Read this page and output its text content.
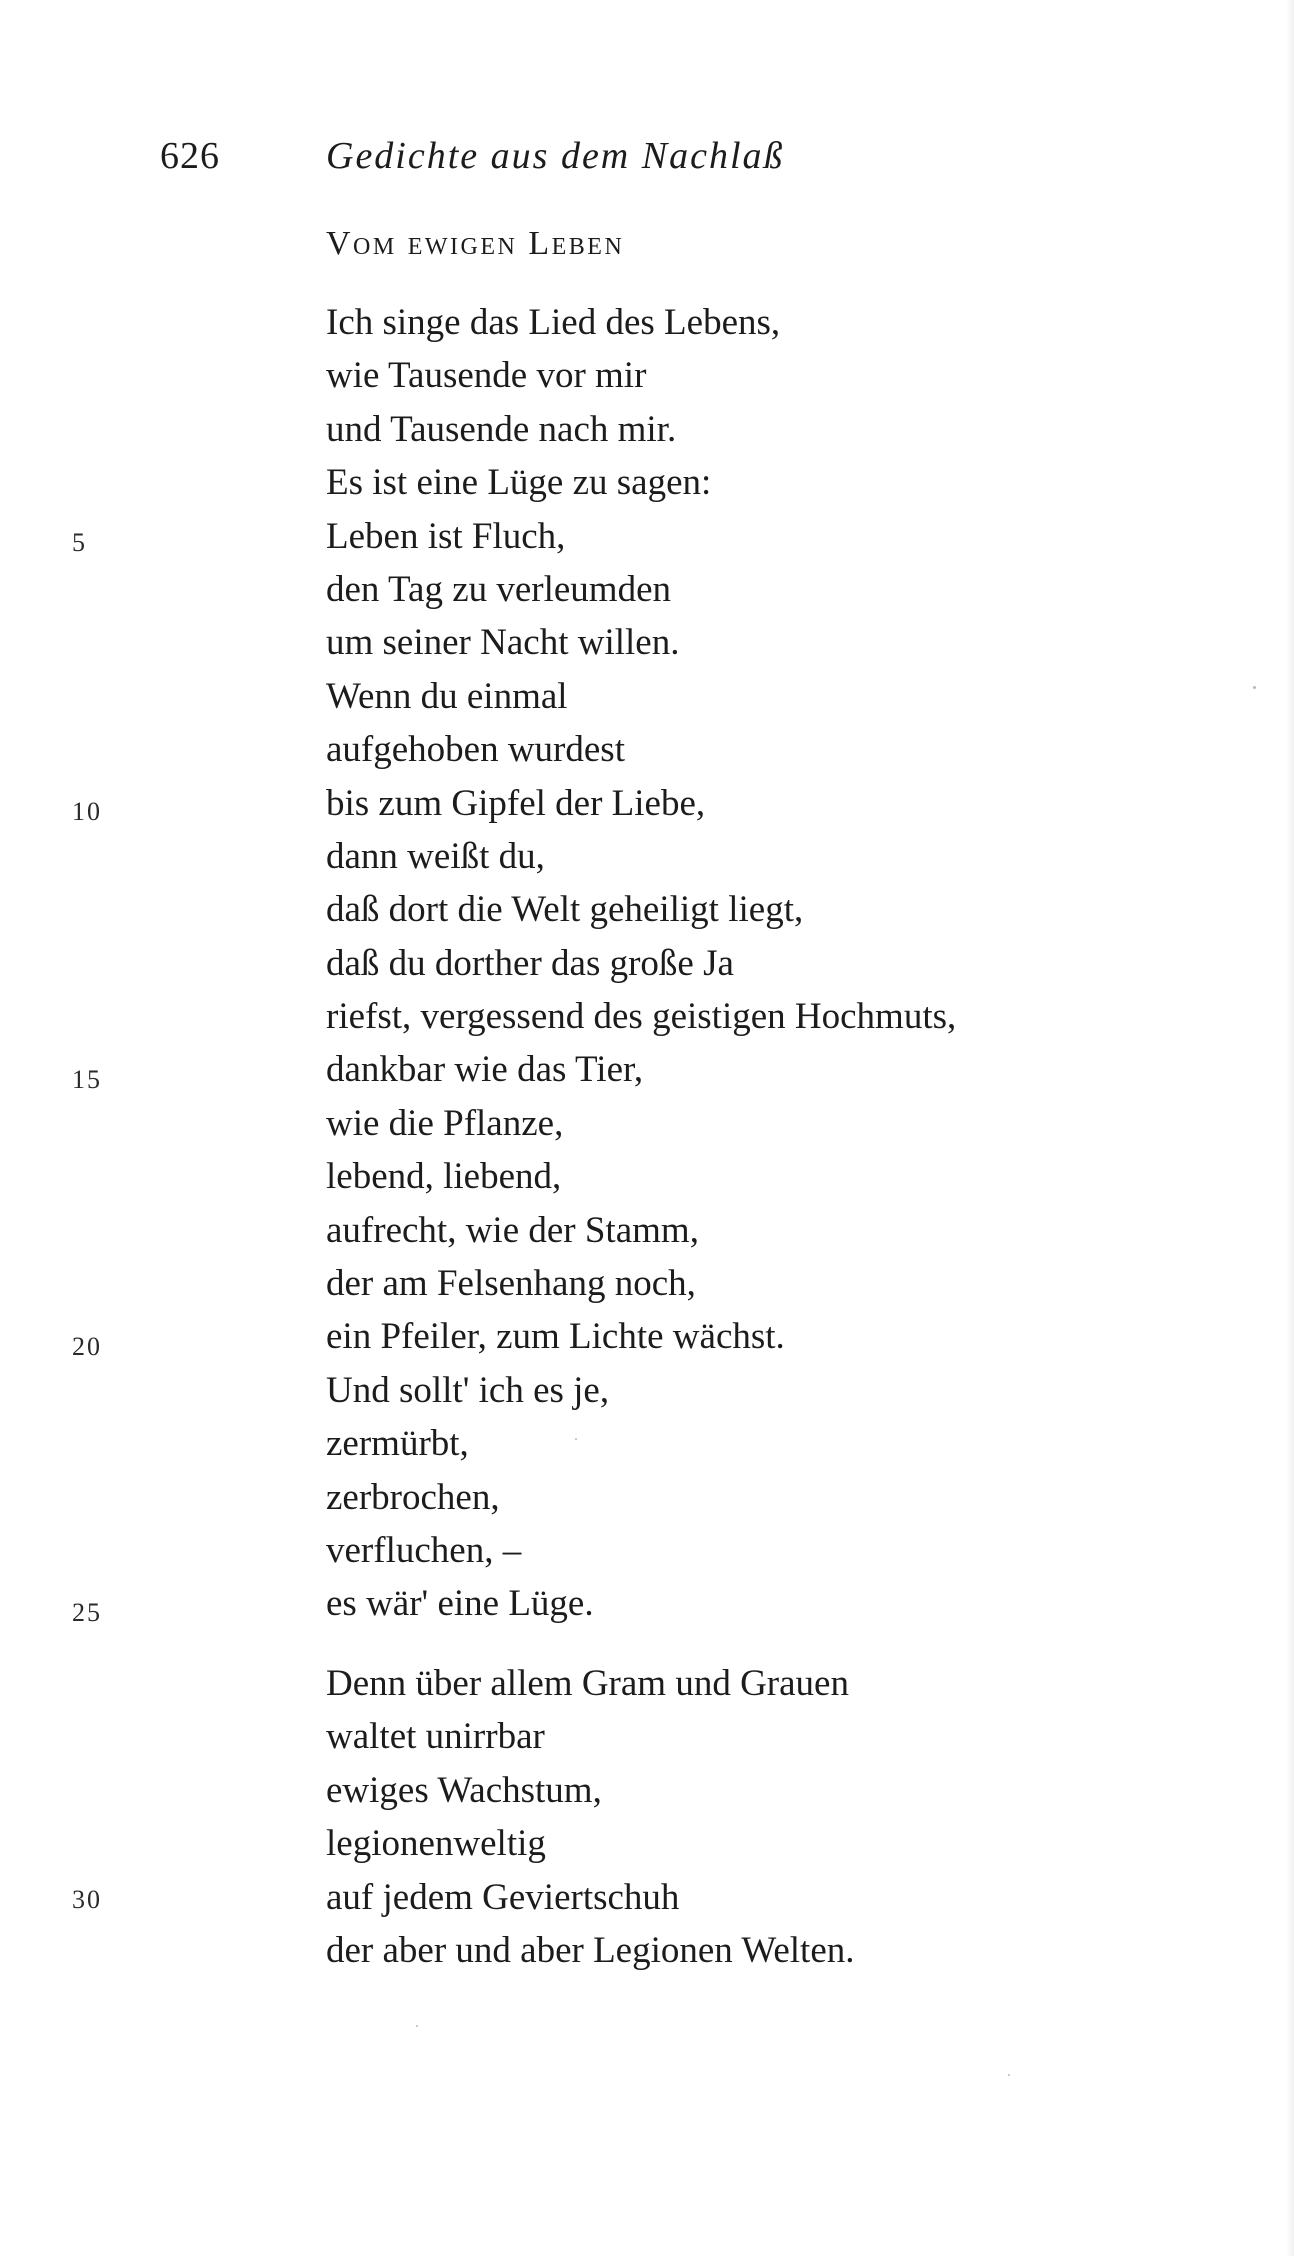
626	Gedichte aus dem Nachlaß
Vom ewigen Leben
Ich singe das Lied des Lebens,
wie Tausende vor mir
und Tausende nach mir.
Es ist eine Lüge zu sagen:
Leben ist Fluch,
den Tag zu verleumden
um seiner Nacht willen.
Wenn du einmal
aufgehoben wurdest
bis zum Gipfel der Liebe,
dann weißt du,
daß dort die Welt geheiligt liegt,
daß du dorther das große Ja
riefst, vergessend des geistigen Hochmuts,
dankbar wie das Tier,
wie die Pflanze,
lebend, liebend,
aufrecht, wie der Stamm,
der am Felsenhang noch,
ein Pfeiler, zum Lichte wächst.
Und sollt' ich es je,
zermürbt,
zerbrochen,
verfluchen, –
es wär' eine Lüge.
Denn über allem Gram und Grauen
waltet unirrbar
ewiges Wachstum,
legionenweltig
auf jedem Geviertschuh
der aber und aber Legionen Welten.
5
10
15
20
25
30
